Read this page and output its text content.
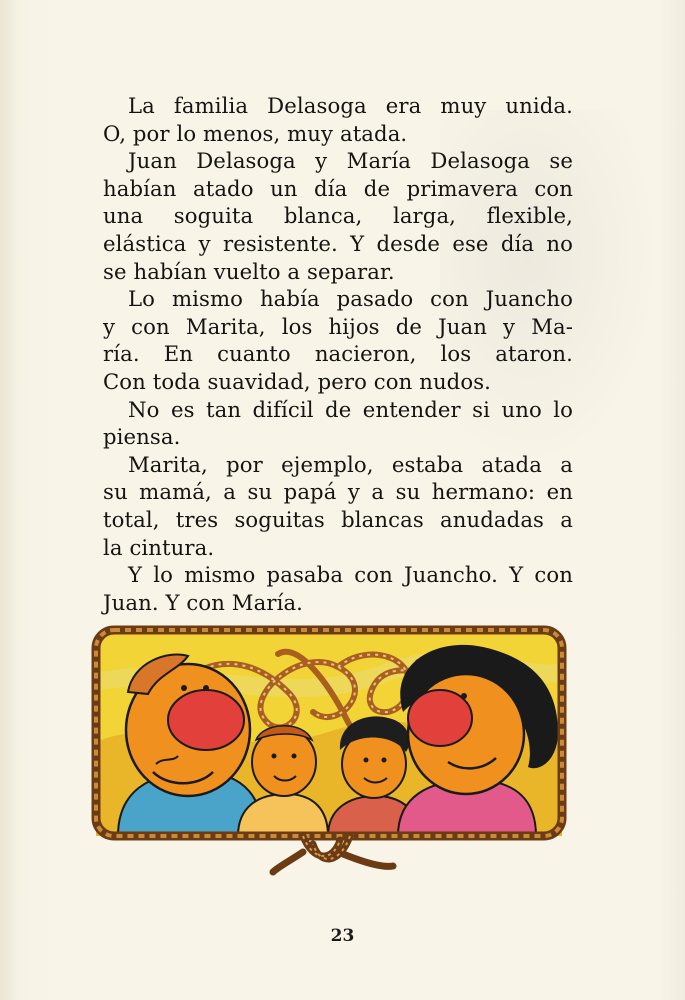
La familia Delasoga era muy unida.
O, por lo menos, muy atada.
Juan Delasoga y María Delasoga se
habían atado un día de primavera con
una soguita blanca, larga, flexible,
elástica y resistente. Y desde ese día no
se habían vuelto a separar.
Lo mismo había pasado con Juancho
y con Marita, los hijos de Juan y Ma-
ría. En cuanto nacieron, los ataron.
Con toda suavidad, pero con nudos.
No es tan difícil de entender si uno lo
piensa.
Marita, por ejemplo, estaba atada a
su mamá, a su papá y a su hermano: en
total, tres soguitas blancas anudadas a
la cintura.
Y lo mismo pasaba con Juancho. Y con
Juan. Y con María.
23
